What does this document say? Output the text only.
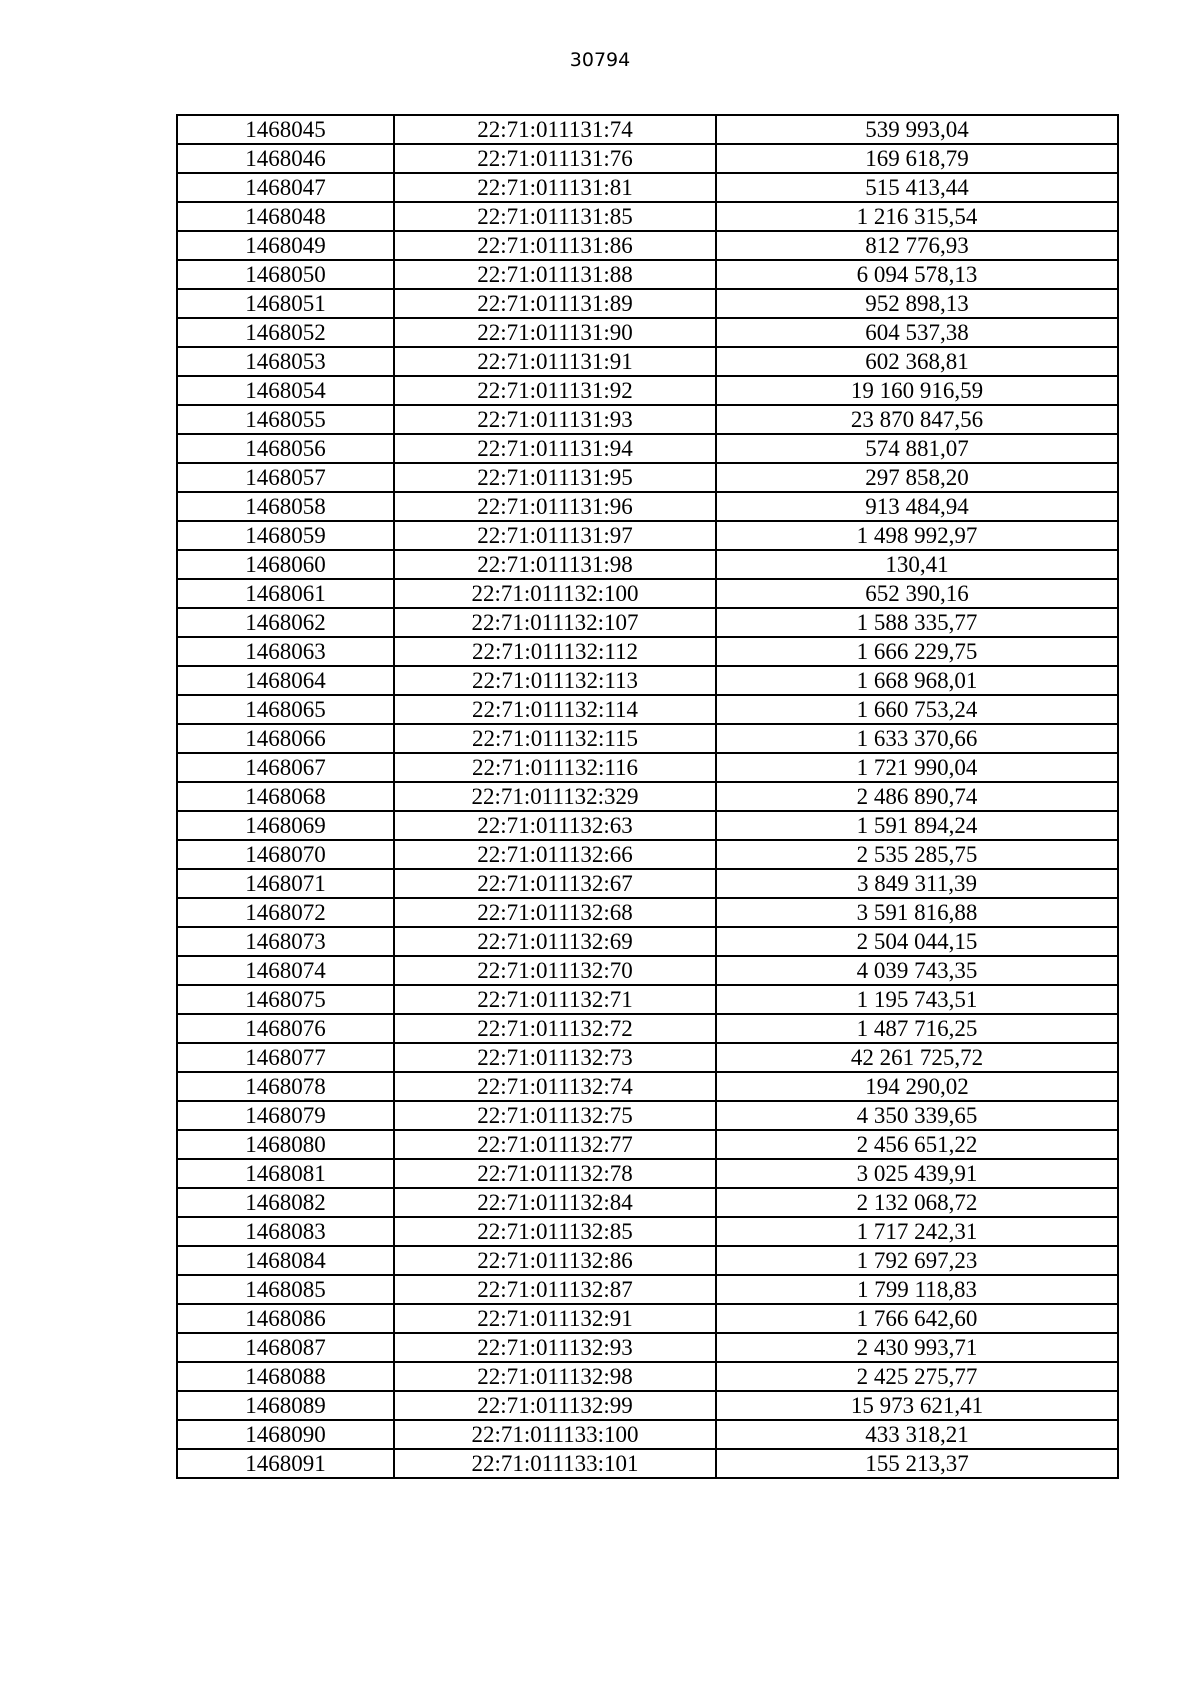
30794
1468045	22:71:011131:74	539 993,04
1468046	22:71:011131:76	169 618,79
1468047	22:71:011131:81	515 413,44
1468048	22:71:011131:85	1 216 315,54
1468049	22:71:011131:86	812 776,93
1468050	22:71:011131:88	6 094 578,13
1468051	22:71:011131:89	952 898,13
1468052	22:71:011131:90	604 537,38
1468053	22:71:011131:91	602 368,81
1468054	22:71:011131:92	19 160 916,59
1468055	22:71:011131:93	23 870 847,56
1468056	22:71:011131:94	574 881,07
1468057	22:71:011131:95	297 858,20
1468058	22:71:011131:96	913 484,94
1468059	22:71:011131:97	1 498 992,97
1468060	22:71:011131:98	130,41
1468061	22:71:011132:100	652 390,16
1468062	22:71:011132:107	1 588 335,77
1468063	22:71:011132:112	1 666 229,75
1468064	22:71:011132:113	1 668 968,01
1468065	22:71:011132:114	1 660 753,24
1468066	22:71:011132:115	1 633 370,66
1468067	22:71:011132:116	1 721 990,04
1468068	22:71:011132:329	2 486 890,74
1468069	22:71:011132:63	1 591 894,24
1468070	22:71:011132:66	2 535 285,75
1468071	22:71:011132:67	3 849 311,39
1468072	22:71:011132:68	3 591 816,88
1468073	22:71:011132:69	2 504 044,15
1468074	22:71:011132:70	4 039 743,35
1468075	22:71:011132:71	1 195 743,51
1468076	22:71:011132:72	1 487 716,25
1468077	22:71:011132:73	42 261 725,72
1468078	22:71:011132:74	194 290,02
1468079	22:71:011132:75	4 350 339,65
1468080	22:71:011132:77	2 456 651,22
1468081	22:71:011132:78	3 025 439,91
1468082	22:71:011132:84	2 132 068,72
1468083	22:71:011132:85	1 717 242,31
1468084	22:71:011132:86	1 792 697,23
1468085	22:71:011132:87	1 799 118,83
1468086	22:71:011132:91	1 766 642,60
1468087	22:71:011132:93	2 430 993,71
1468088	22:71:011132:98	2 425 275,77
1468089	22:71:011132:99	15 973 621,41
1468090	22:71:011133:100	433 318,21
1468091	22:71:011133:101	155 213,37
